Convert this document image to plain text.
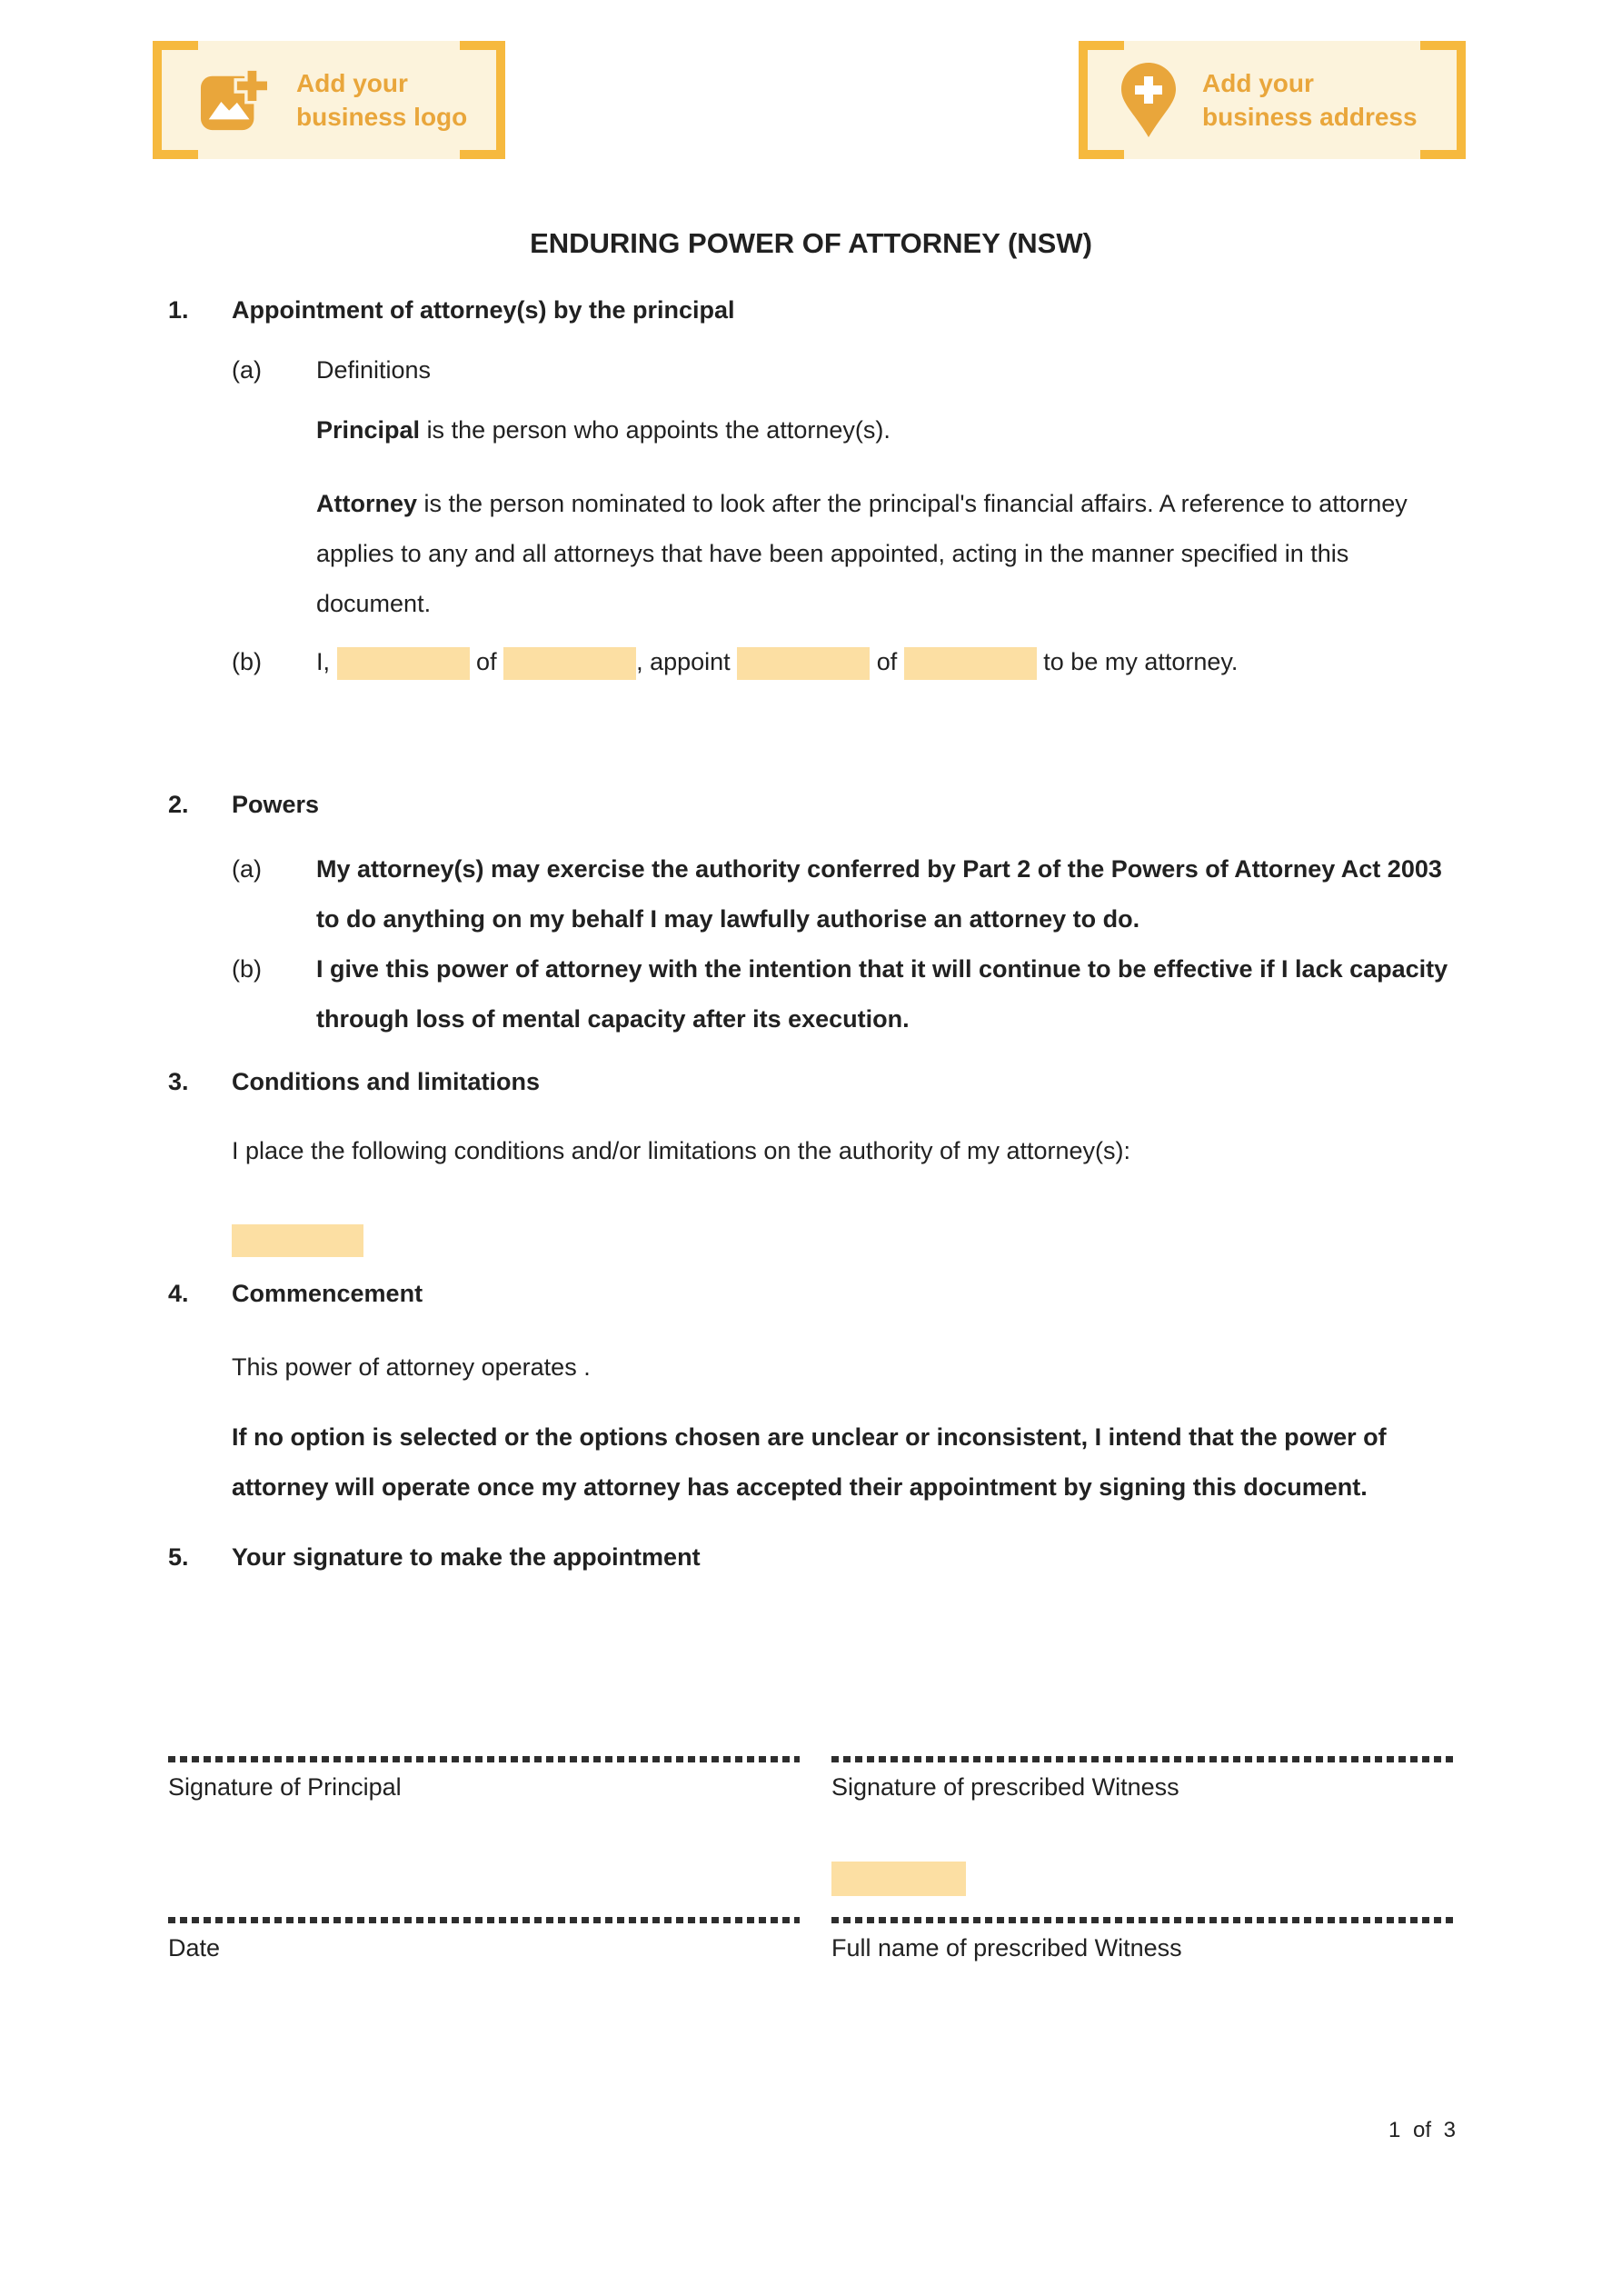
Add your
business logo
Add your
business address
ENDURING POWER OF ATTORNEY (NSW)
1.	Appointment of attorney(s) by the principal
(a)	Definitions
Principal is the person who appoints the attorney(s).
Attorney is the person nominated to look after the principal's financial affairs. A reference to attorney applies to any and all attorneys that have been appointed, acting in the manner specified in this document.
(b)	I,	of	, appoint	of	to be my attorney.
2.	Powers
(a)	My attorney(s) may exercise the authority conferred by Part 2 of the Powers of Attorney Act 2003 to do anything on my behalf I may lawfully authorise an attorney to do.
(b)	I give this power of attorney with the intention that it will continue to be effective if I lack capacity through loss of mental capacity after its execution.
3.	Conditions and limitations
I place the following conditions and/or limitations on the authority of my attorney(s):
4.	Commencement
This power of attorney operates .
If no option is selected or the options chosen are unclear or inconsistent, I intend that the power of attorney will operate once my attorney has accepted their appointment by signing this document.
5.	Your signature to make the appointment
Signature of Principal	Signature of prescribed Witness
Date	Full name of prescribed Witness
1 of 3
